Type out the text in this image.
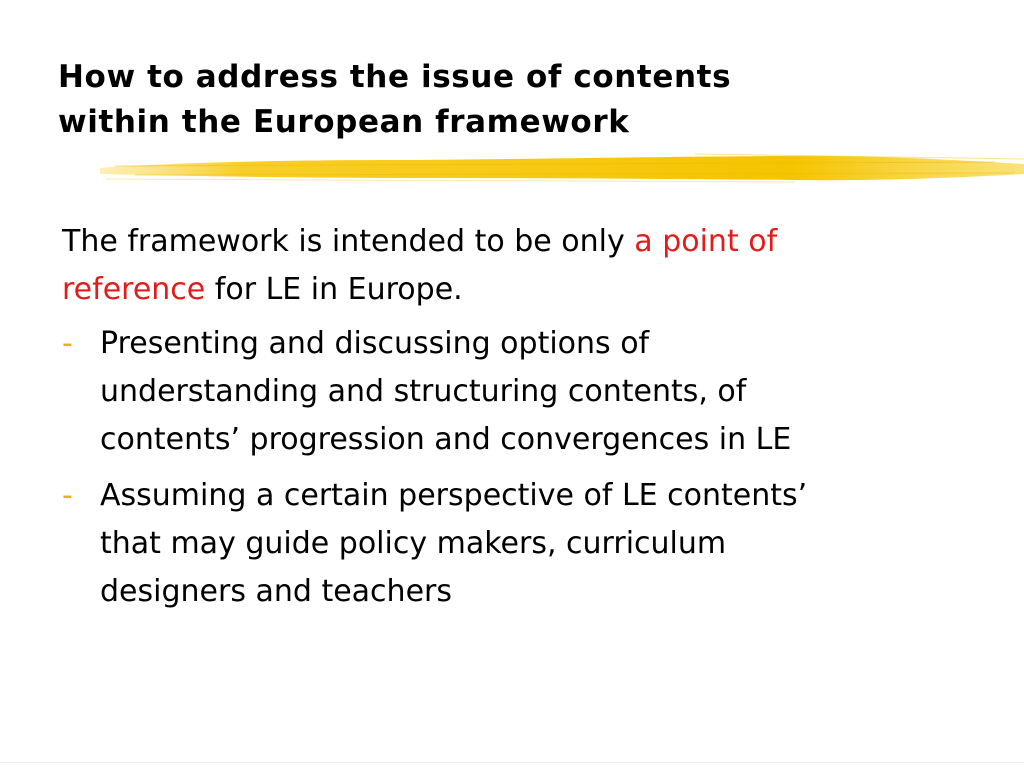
How to address the issue of contents
within the European framework
The framework is intended to be only a point of
reference for LE in Europe.
- Presenting and discussing options of
understanding and structuring contents, of
contents’ progression and convergences in LE
- Assuming a certain perspective of LE contents’
that may guide policy makers, curriculum
designers and teachers
